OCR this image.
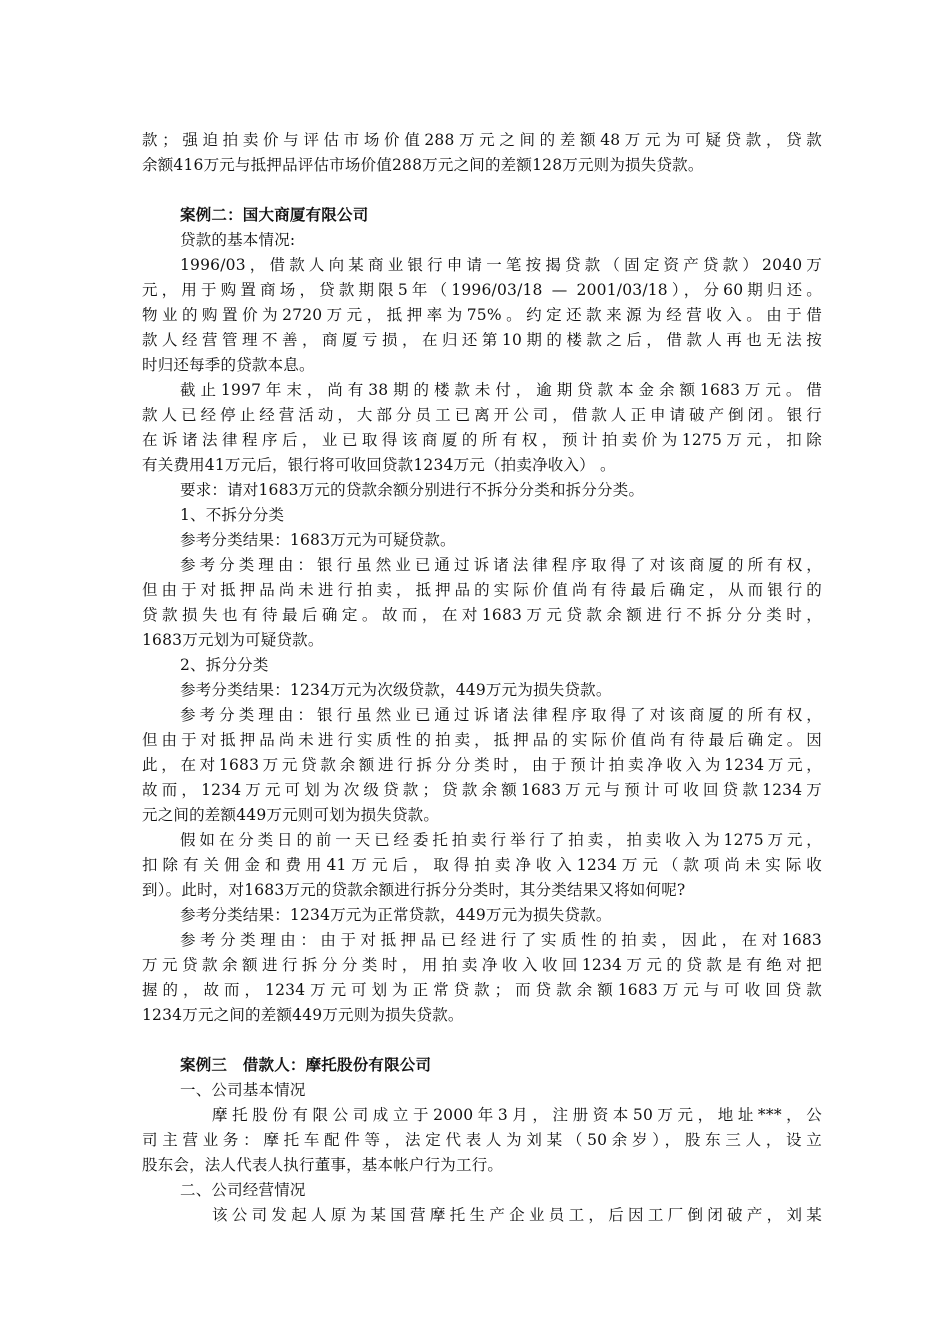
款；强迫拍卖价与评估市场价值288万元之间的差额48万元为可疑贷款，贷款
余额416万元与抵押品评估市场价值288万元之间的差额128万元则为损失贷款。
案例二：国大商厦有限公司
贷款的基本情况:
1996/03，借款人向某商业银行申请一笔按揭贷款（固定资产贷款）2040万
元，用于购置商场，贷款期限5年（1996/03/18 — 2001/03/18），分60期归还。
物业的购置价为2720万元，抵押率为75%。约定还款来源为经营收入。由于借
款人经营管理不善，商厦亏损，在归还第10期的楼款之后，借款人再也无法按
时归还每季的贷款本息。
截止1997年末，尚有38期的楼款未付，逾期贷款本金余额1683万元。借
款人已经停止经营活动，大部分员工已离开公司，借款人正申请破产倒闭。银行
在诉诸法律程序后，业已取得该商厦的所有权，预计拍卖价为1275万元，扣除
有关费用41万元后，银行将可收回贷款1234万元（拍卖净收入） 。
要求：请对1683万元的贷款余额分别进行不拆分分类和拆分分类。
1、不拆分分类
参考分类结果：1683万元为可疑贷款。
参考分类理由：银行虽然业已通过诉诸法律程序取得了对该商厦的所有权，
但由于对抵押品尚未进行拍卖，抵押品的实际价值尚有待最后确定，从而银行的
贷款损失也有待最后确定。故而，在对1683万元贷款余额进行不拆分分类时，
1683万元划为可疑贷款。
2、拆分分类
参考分类结果：1234万元为次级贷款，449万元为损失贷款。
参考分类理由：银行虽然业已通过诉诸法律程序取得了对该商厦的所有权，
但由于对抵押品尚未进行实质性的拍卖，抵押品的实际价值尚有待最后确定。因
此，在对1683万元贷款余额进行拆分分类时，由于预计拍卖净收入为1234万元，
故而，1234万元可划为次级贷款；贷款余额1683万元与预计可收回贷款1234万
元之间的差额449万元则可划为损失贷款。
假如在分类日的前一天已经委托拍卖行举行了拍卖，拍卖收入为1275万元，
扣除有关佣金和费用41万元后，取得拍卖净收入1234万元（款项尚未实际收
到）。此时，对1683万元的贷款余额进行拆分分类时，其分类结果又将如何呢?
参考分类结果：1234万元为正常贷款，449万元为损失贷款。
参考分类理由：由于对抵押品已经进行了实质性的拍卖，因此，在对1683
万元贷款余额进行拆分分类时，用拍卖净收入收回1234万元的贷款是有绝对把
握的，故而，1234万元可划为正常贷款；而贷款余额1683万元与可收回贷款
1234万元之间的差额449万元则为损失贷款。
案例三　借款人：摩托股份有限公司
一、公司基本情况
摩托股份有限公司成立于2000年3月，注册资本50万元，地址***，公
司主营业务：摩托车配件等，法定代表人为刘某（50余岁），股东三人，设立
股东会，法人代表人执行董事，基本帐户行为工行。
二、公司经营情况
该公司发起人原为某国营摩托生产企业员工，后因工厂倒闭破产，刘某
